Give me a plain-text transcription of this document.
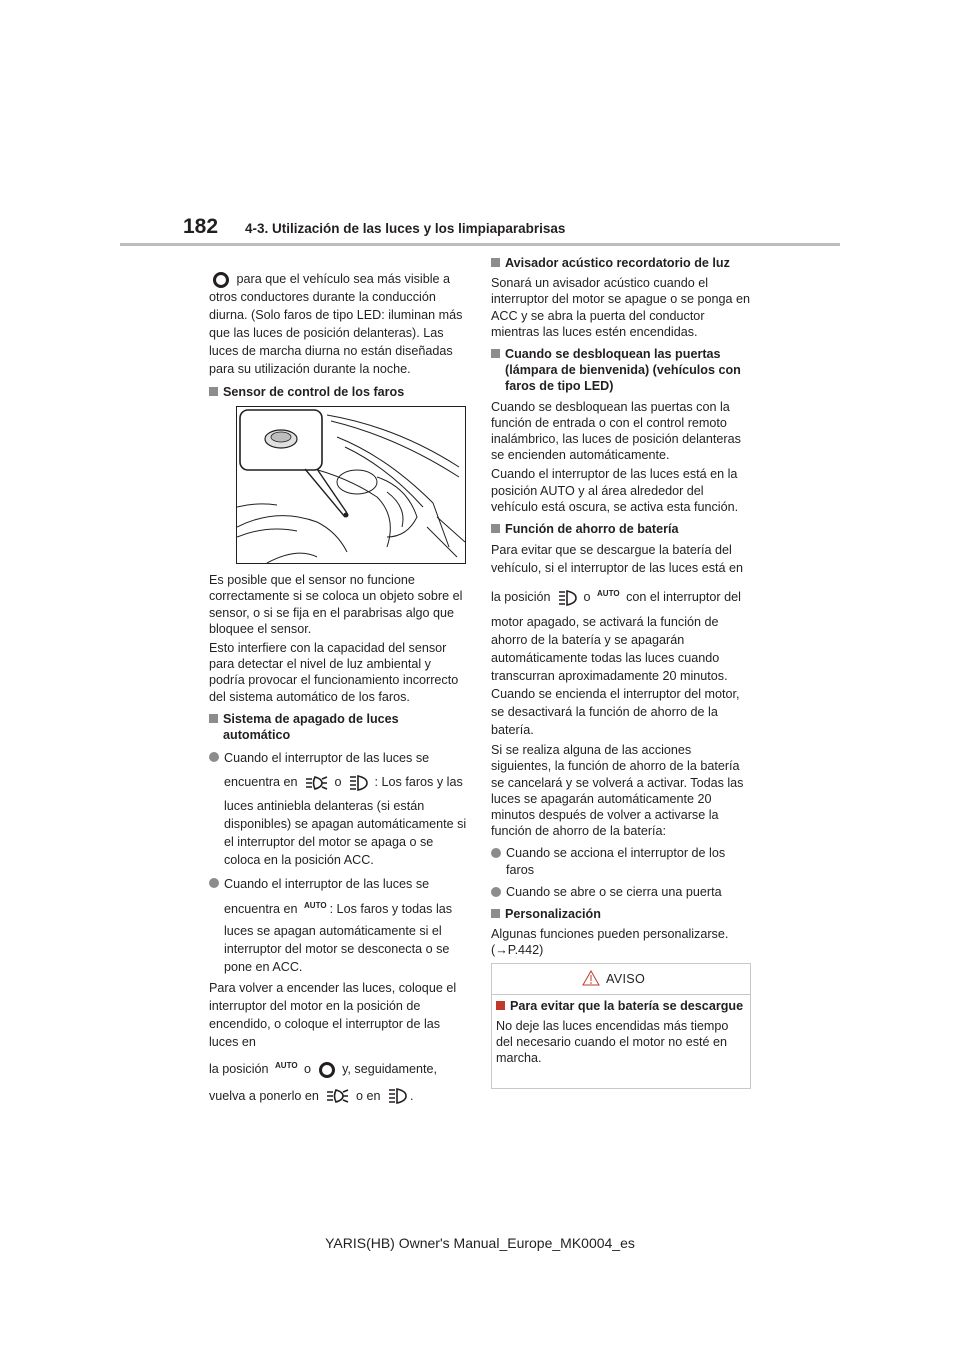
182 4-3. Utilización de las luces y los limpiaparabrisas
para que el vehículo sea más visible a
otros conductores durante la conducción diurna. (Solo faros de tipo LED: iluminan más que las luces de posición delanteras). Las luces de marcha diurna no están diseñadas para su utilización durante la noche.
Sensor de control de los faros
Es posible que el sensor no funcione correctamente si se coloca un objeto sobre el sensor, o si se fija en el parabrisas algo que bloquee el sensor.
Esto interfiere con la capacidad del sensor para detectar el nivel de luz ambiental y podría provocar el funcionamiento incorrecto del sistema automático de los faros.
Sistema de apagado de luces automático
Cuando el interruptor de las luces se
encuentra en	o	: Los faros y las
luces antiniebla delanteras (si están disponibles) se apagan automáticamente si el interruptor del motor se apaga o se coloca en la posición ACC.
Cuando el interruptor de las luces se
encuentra en AUTO : Los faros y todas las
luces se apagan automáticamente si el interruptor del motor se desconecta o se pone en ACC.
Para volver a encender las luces, coloque el interruptor del motor en la posición de encendido, o coloque el interruptor de las luces en
la posición AUTO o y, seguidamente,
vuelva a ponerlo en	o en .
Avisador acústico recordatorio de luz
Sonará un avisador acústico cuando el interruptor del motor se apague o se ponga en ACC y se abra la puerta del conductor mientras las luces estén encendidas.
Cuando se desbloquean las puertas (lámpara de bienvenida) (vehículos con faros de tipo LED)
Cuando se desbloquean las puertas con la función de entrada o con el control remoto inalámbrico, las luces de posición delanteras se encienden automáticamente.
Cuando el interruptor de las luces está en la posición AUTO y al área alrededor del vehículo está oscura, se activa esta función.
Función de ahorro de batería
Para evitar que se descargue la batería del vehículo, si el interruptor de las luces está en
la posición	o AUTO con el interruptor del
motor apagado, se activará la función de ahorro de la batería y se apagarán automáticamente todas las luces cuando transcurran aproximadamente 20 minutos. Cuando se encienda el interruptor del motor, se desactivará la función de ahorro de la batería.
Si se realiza alguna de las acciones siguientes, la función de ahorro de la batería se cancelará y se volverá a activar. Todas las luces se apagarán automáticamente 20 minutos después de volver a activarse la función de ahorro de la batería:
Cuando se acciona el interruptor de los faros
Cuando se abre o se cierra una puerta
Personalización
Algunas funciones pueden personalizarse.
(→P.442)
AVISO
Para evitar que la batería se descargue
No deje las luces encendidas más tiempo del necesario cuando el motor no esté en marcha.
YARIS(HB) Owner's Manual_Europe_MK0004_es
